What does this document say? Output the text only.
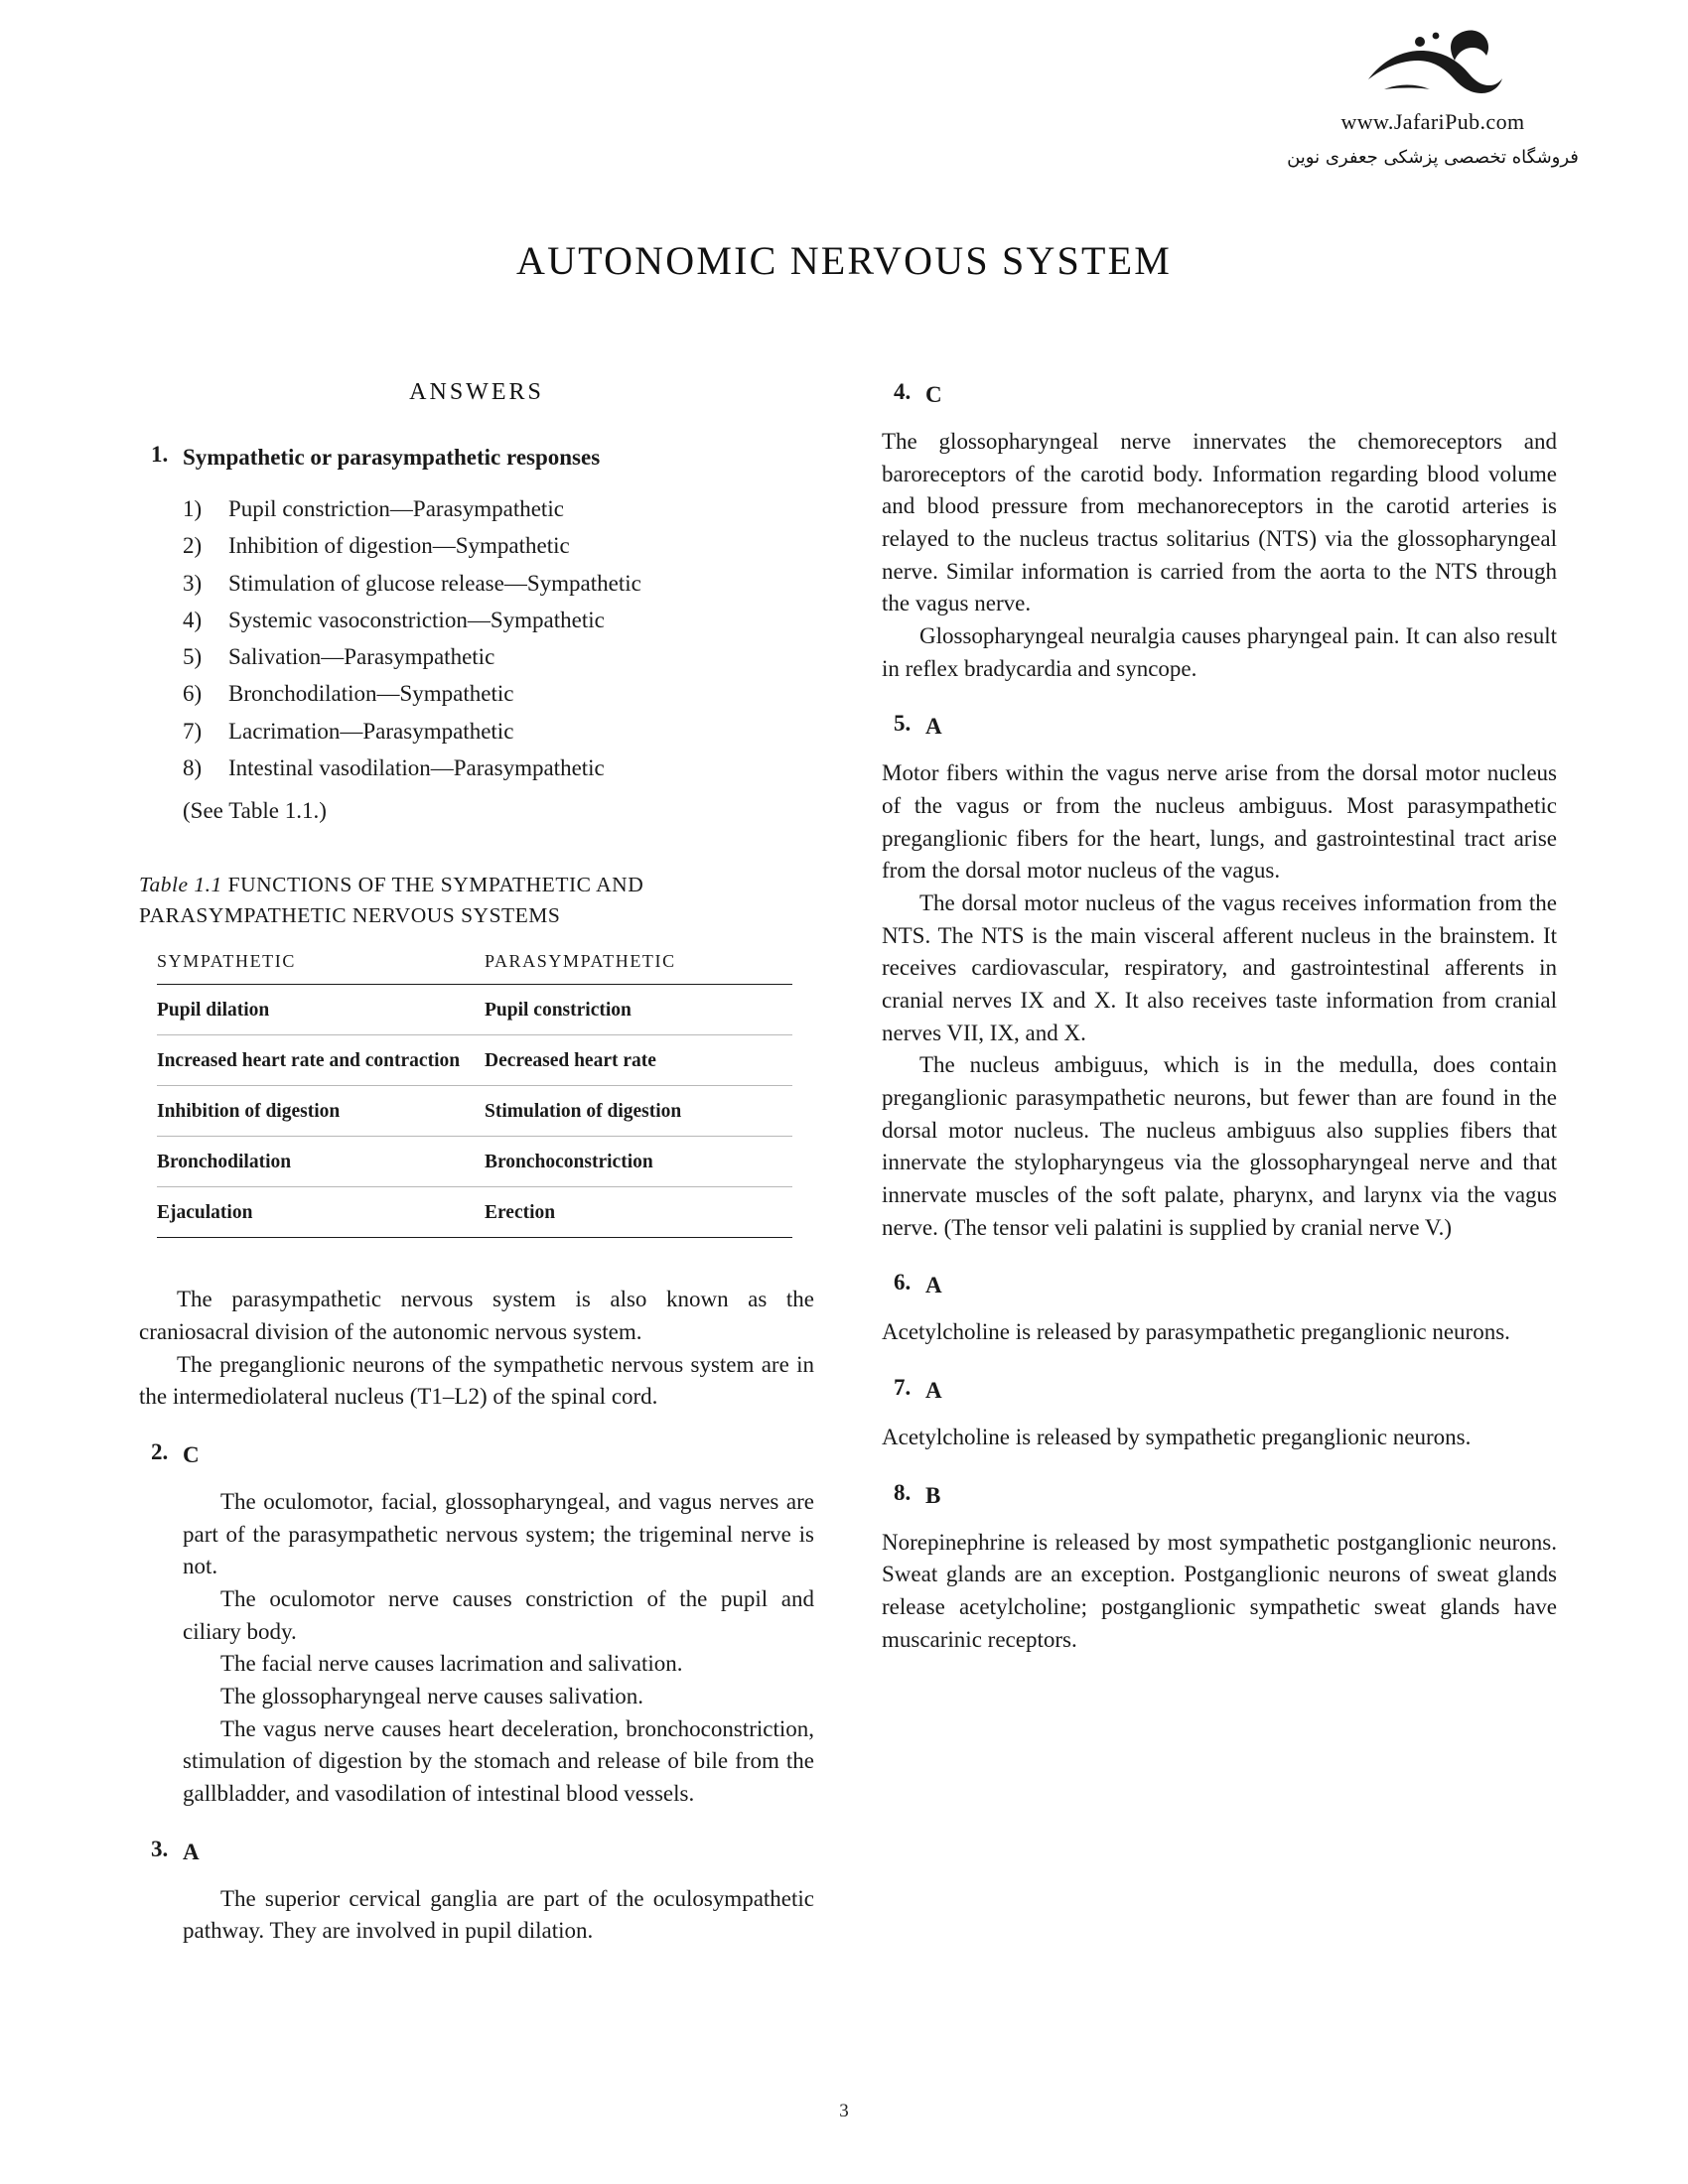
www.JafariPub.com
فروشگاه تخصصی پزشکی جعفری نوین
AUTONOMIC NERVOUS SYSTEM
ANSWERS
1. Sympathetic or parasympathetic responses
1)	Pupil constriction—Parasympathetic
2)	Inhibition of digestion—Sympathetic
3)	Stimulation of glucose release—Sympathetic
4)	Systemic vasoconstriction—Sympathetic
5)	Salivation—Parasympathetic
6)	Bronchodilation—Sympathetic
7)	Lacrimation—Parasympathetic
8)	Intestinal vasodilation—Parasympathetic
(See Table 1.1.)
Table 1.1 FUNCTIONS OF THE SYMPATHETIC AND PARASYMPATHETIC NERVOUS SYSTEMS
SYMPATHETIC	PARASYMPATHETIC
Pupil dilation	Pupil constriction
Increased heart rate and contraction	Decreased heart rate
Inhibition of digestion	Stimulation of digestion
Bronchodilation	Bronchoconstriction
Ejaculation	Erection

The parasympathetic nervous system is also known as the craniosacral division of the autonomic nervous system.

The preganglionic neurons of the sympathetic nervous system are in the intermediolateral nucleus (T1–L2) of the spinal cord.

2. C

The oculomotor, facial, glossopharyngeal, and vagus nerves are part of the parasympathetic nervous system; the trigeminal nerve is not.

The oculomotor nerve causes constriction of the pupil and ciliary body.

The facial nerve causes lacrimation and salivation.

The glossopharyngeal nerve causes salivation.

The vagus nerve causes heart deceleration, bronchoconstriction, stimulation of digestion by the stomach and release of bile from the gallbladder, and vasodilation of intestinal blood vessels.

3. A

The superior cervical ganglia are part of the oculosympathetic pathway. They are involved in pupil dilation.

4. C

The glossopharyngeal nerve innervates the chemoreceptors and baroreceptors of the carotid body. Information regarding blood volume and blood pressure from mechanoreceptors in the carotid arteries is relayed to the nucleus tractus solitarius (NTS) via the glossopharyngeal nerve. Similar information is carried from the aorta to the NTS through the vagus nerve.

Glossopharyngeal neuralgia causes pharyngeal pain. It can also result in reflex bradycardia and syncope.

5. A

Motor fibers within the vagus nerve arise from the dorsal motor nucleus of the vagus or from the nucleus ambiguus. Most parasympathetic preganglionic fibers for the heart, lungs, and gastrointestinal tract arise from the dorsal motor nucleus of the vagus.

The dorsal motor nucleus of the vagus receives information from the NTS. The NTS is the main visceral afferent nucleus in the brainstem. It receives cardiovascular, respiratory, and gastrointestinal afferents in cranial nerves IX and X. It also receives taste information from cranial nerves VII, IX, and X.

The nucleus ambiguus, which is in the medulla, does contain preganglionic parasympathetic neurons, but fewer than are found in the dorsal motor nucleus. The nucleus ambiguus also supplies fibers that innervate the stylopharyngeus via the glossopharyngeal nerve and that innervate muscles of the soft palate, pharynx, and larynx via the vagus nerve. (The tensor veli palatini is supplied by cranial nerve V.)

6. A

Acetylcholine is released by parasympathetic preganglionic neurons.

7. A

Acetylcholine is released by sympathetic preganglionic neurons.

8. B

Norepinephrine is released by most sympathetic postganglionic neurons. Sweat glands are an exception. Postganglionic neurons of sweat glands release acetylcholine; postganglionic sympathetic sweat glands have muscarinic receptors.

3
